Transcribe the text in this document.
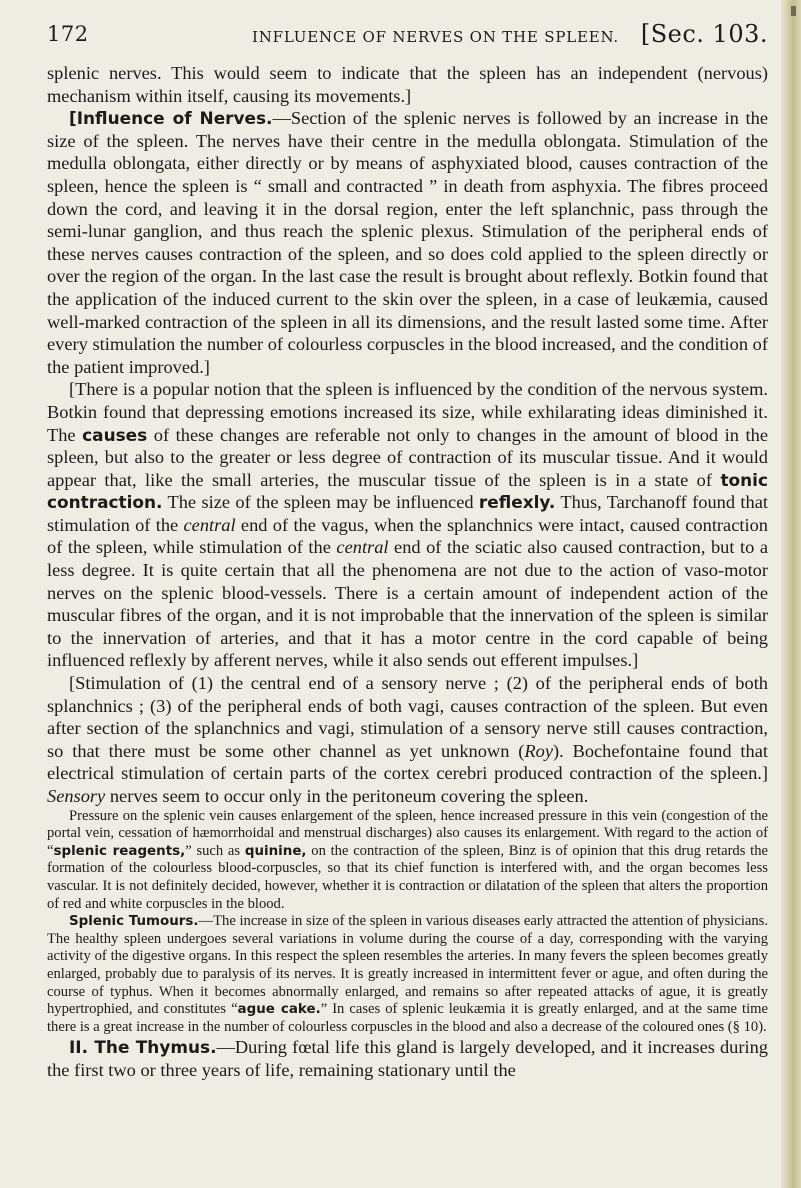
172	INFLUENCE OF NERVES ON THE SPLEEN. [Sec. 103.

splenic nerves. This would seem to indicate that the spleen has an independent (nervous) mechanism within itself, causing its movements.]

[Influence of Nerves.—Section of the splenic nerves is followed by an increase in the size of the spleen. The nerves have their centre in the medulla oblongata. Stimulation of the medulla oblongata, either directly or by means of asphyxiated blood, causes contraction of the spleen, hence the spleen is “ small and contracted ” in death from asphyxia. The fibres proceed down the cord, and leaving it in the dorsal region, enter the left splanchnic, pass through the semi-lunar ganglion, and thus reach the splenic plexus. Stimulation of the peripheral ends of these nerves causes contraction of the spleen, and so does cold applied to the spleen directly or over the region of the organ. In the last case the result is brought about reflexly. Botkin found that the application of the induced current to the skin over the spleen, in a case of leukæmia, caused well-marked contraction of the spleen in all its dimensions, and the result lasted some time. After every stimulation the number of colourless corpuscles in the blood increased, and the condition of the patient improved.]

[There is a popular notion that the spleen is influenced by the condition of the nervous system. Botkin found that depressing emotions increased its size, while exhilarating ideas diminished it. The causes of these changes are referable not only to changes in the amount of blood in the spleen, but also to the greater or less degree of contraction of its muscular tissue. And it would appear that, like the small arteries, the muscular tissue of the spleen is in a state of tonic contraction. The size of the spleen may be influenced reflexly. Thus, Tarchanoff found that stimulation of the central end of the vagus, when the splanchnics were intact, caused contraction of the spleen, while stimulation of the central end of the sciatic also caused contraction, but to a less degree. It is quite certain that all the phenomena are not due to the action of vaso-motor nerves on the splenic blood-vessels. There is a certain amount of independent action of the muscular fibres of the organ, and it is not improbable that the innervation of the spleen is similar to the innervation of arteries, and that it has a motor centre in the cord capable of being influenced reflexly by afferent nerves, while it also sends out efferent impulses.]

[Stimulation of (1) the central end of a sensory nerve ; (2) of the peripheral ends of both splanchnics ; (3) of the peripheral ends of both vagi, causes contraction of the spleen. But even after section of the splanchnics and vagi, stimulation of a sensory nerve still causes contraction, so that there must be some other channel as yet unknown (Roy). Bochefontaine found that electrical stimulation of certain parts of the cortex cerebri produced contraction of the spleen.] Sensory nerves seem to occur only in the peritoneum covering the spleen.

Pressure on the splenic vein causes enlargement of the spleen, hence increased pressure in this vein (congestion of the portal vein, cessation of hæmorrhoidal and menstrual discharges) also causes its enlargement. With regard to the action of “splenic reagents,” such as quinine, on the contraction of the spleen, Binz is of opinion that this drug retards the formation of the colourless blood-corpuscles, so that its chief function is interfered with, and the organ becomes less vascular. It is not definitely decided, however, whether it is contraction or dilatation of the spleen that alters the proportion of red and white corpuscles in the blood.

Splenic Tumours.—The increase in size of the spleen in various diseases early attracted the attention of physicians. The healthy spleen undergoes several variations in volume during the course of a day, corresponding with the varying activity of the digestive organs. In this respect the spleen resembles the arteries. In many fevers the spleen becomes greatly enlarged, probably due to paralysis of its nerves. It is greatly increased in intermittent fever or ague, and often during the course of typhus. When it becomes abnormally enlarged, and remains so after repeated attacks of ague, it is greatly hypertrophied, and constitutes “ague cake.” In cases of splenic leukæmia it is greatly enlarged, and at the same time there is a great increase in the number of colourless corpuscles in the blood and also a decrease of the coloured ones (§ 10).

II. The Thymus.—During fœtal life this gland is largely developed, and it increases during the first two or three years of life, remaining stationary until the
